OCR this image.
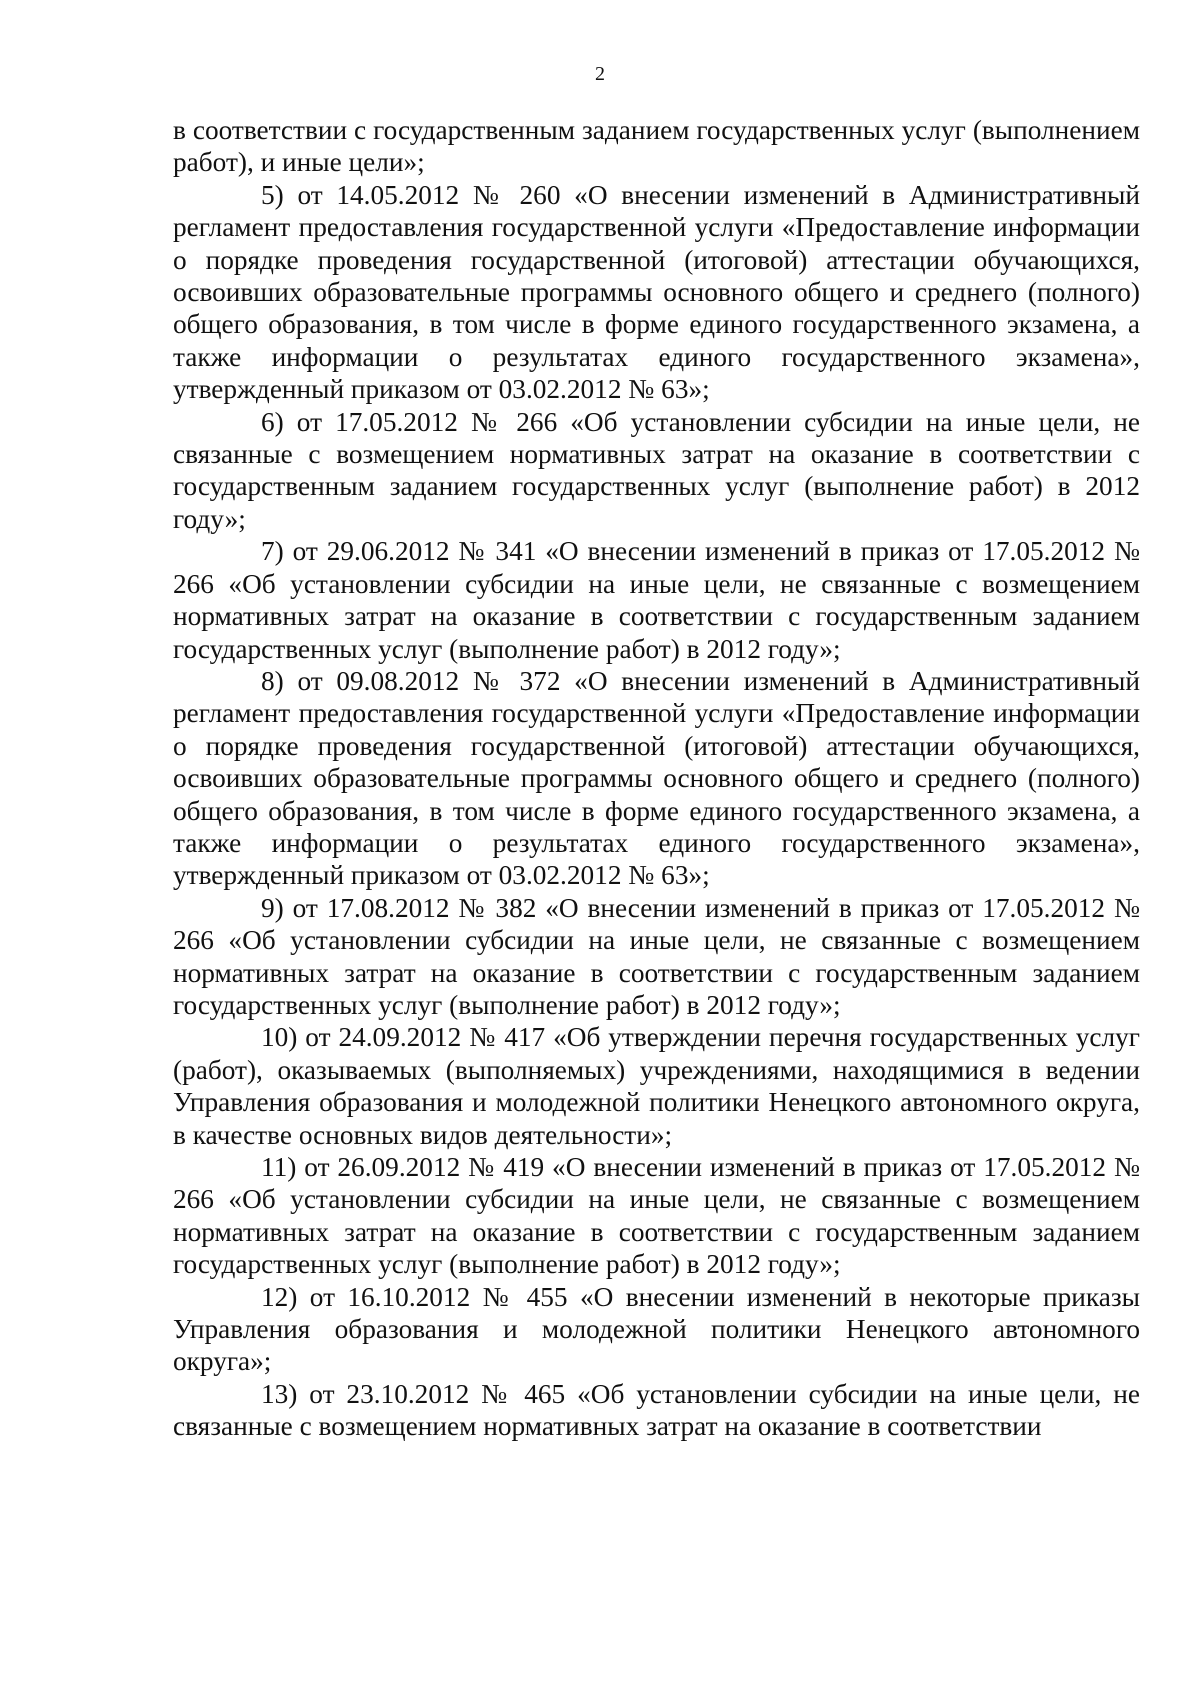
2

в соответствии с государственным заданием государственных услуг (выполнением работ), и иные цели»;

5) от 14.05.2012 № 260 «О внесении изменений в Административный регламент предоставления государственной услуги «Предоставление информации о порядке проведения государственной (итоговой) аттестации обучающихся, освоивших образовательные программы основного общего и среднего (полного) общего образования, в том числе в форме единого государственного экзамена, а также информации о результатах единого государственного экзамена», утвержденный приказом от 03.02.2012 № 63»;

6) от 17.05.2012 № 266 «Об установлении субсидии на иные цели, не связанные с возмещением нормативных затрат на оказание в соответствии с государственным заданием государственных услуг (выполнение работ) в 2012 году»;

7) от 29.06.2012 № 341 «О внесении изменений в приказ от 17.05.2012 № 266 «Об установлении субсидии на иные цели, не связанные с возмещением нормативных затрат на оказание в соответствии с государственным заданием государственных услуг (выполнение работ) в 2012 году»;

8) от 09.08.2012 № 372 «О внесении изменений в Административный регламент предоставления государственной услуги «Предоставление информации о порядке проведения государственной (итоговой) аттестации обучающихся, освоивших образовательные программы основного общего и среднего (полного) общего образования, в том числе в форме единого государственного экзамена, а также информации о результатах единого государственного экзамена», утвержденный приказом от 03.02.2012 № 63»;

9) от 17.08.2012 № 382 «О внесении изменений в приказ от 17.05.2012 № 266 «Об установлении субсидии на иные цели, не связанные с возмещением нормативных затрат на оказание в соответствии с государственным заданием государственных услуг (выполнение работ) в 2012 году»;

10) от 24.09.2012 № 417 «Об утверждении перечня государственных услуг (работ), оказываемых (выполняемых) учреждениями, находящимися в ведении Управления образования и молодежной политики Ненецкого автономного округа, в качестве основных видов деятельности»;

11) от 26.09.2012 № 419 «О внесении изменений в приказ от 17.05.2012 № 266 «Об установлении субсидии на иные цели, не связанные с возмещением нормативных затрат на оказание в соответствии с государственным заданием государственных услуг (выполнение работ) в 2012 году»;

12) от 16.10.2012 № 455 «О внесении изменений в некоторые приказы Управления образования и молодежной политики Ненецкого автономного округа»;

13) от 23.10.2012 № 465 «Об установлении субсидии на иные цели, не связанные с возмещением нормативных затрат на оказание в соответствии
